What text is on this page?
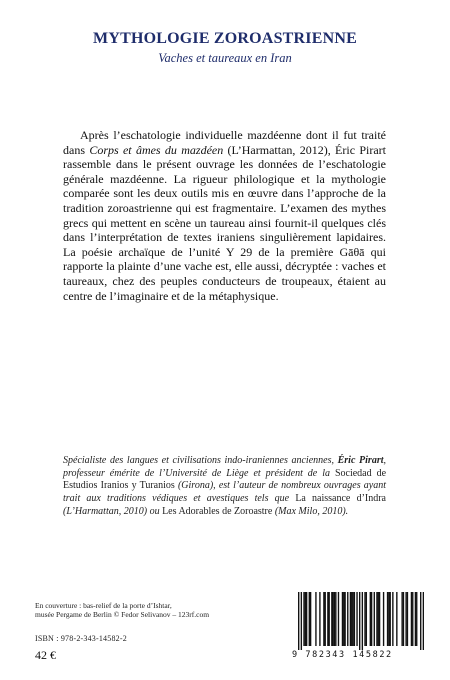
MYTHOLOGIE ZOROASTRIENNE
Vaches et taureaux en Iran

Après l’eschatologie individuelle mazdéenne dont il fut traité dans Corps et âmes du mazdéen (L’Harmattan, 2012), Éric Pirart rassemble dans le présent ouvrage les données de l’eschatologie générale mazdéenne. La rigueur philologique et la mythologie comparée sont les deux outils mis en œuvre dans l’approche de la tradition zoroastrienne qui est fragmentaire. L’examen des mythes grecs qui mettent en scène un taureau ainsi fournit-il quelques clés dans l’interprétation de textes iraniens singulièrement lapidaires. La poésie archaïque de l’unité Y 29 de la première Gāθā qui rapporte la plainte d’une vache est, elle aussi, décryptée : vaches et taureaux, chez des peuples conducteurs de troupeaux, étaient au centre de l’imaginaire et de la métaphysique.

Spécialiste des langues et civilisations indo-iraniennes anciennes, Éric Pirart, professeur émérite de l’Université de Liège et président de la Sociedad de Estudios Iranios y Turanios (Girona), est l’auteur de nombreux ouvrages ayant trait aux traditions védiques et avestiques tels que La naissance d’Indra (L’Harmattan, 2010) ou Les Adorables de Zoroastre (Max Milo, 2010).
En couverture : bas-relief de la porte d’Ishtar,
musée Pergame de Berlin © Fedor Selivanov – 123rf.com
ISBN : 978-2-343-14582-2
42 €	9 782343 145822
